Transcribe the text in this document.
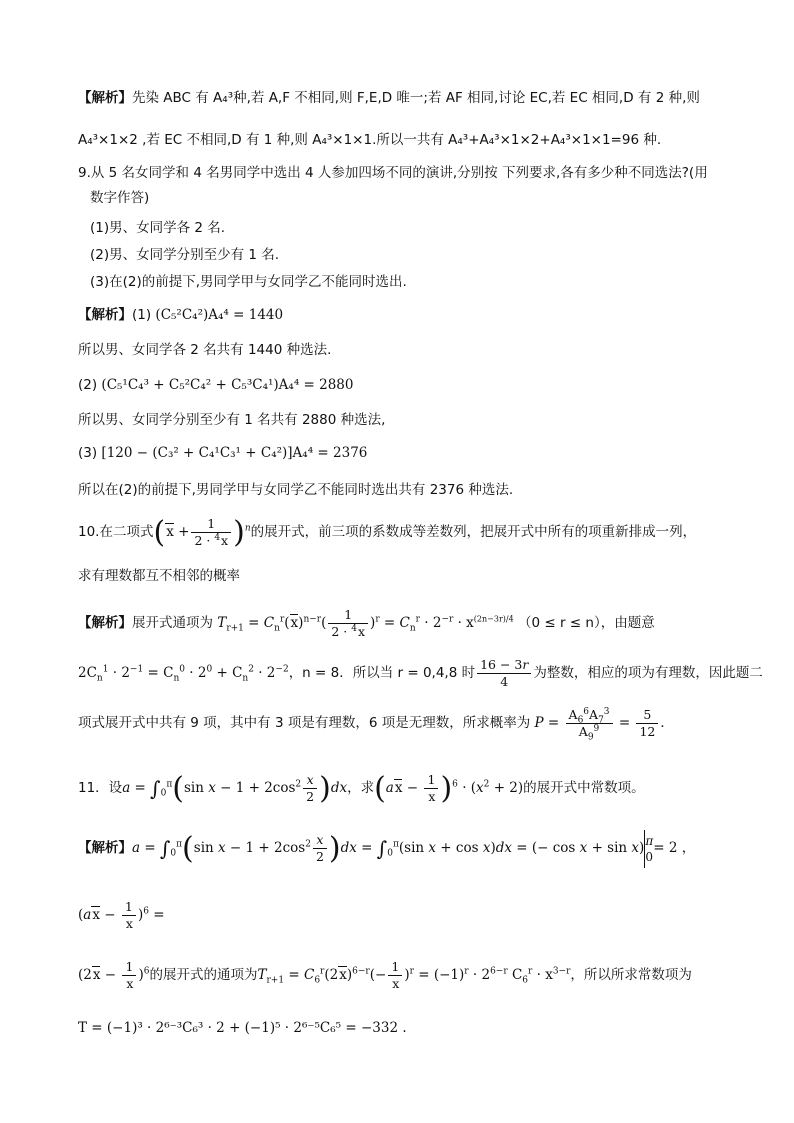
【解析】先染 ABC 有 A₄³种,若 A,F 不相同,则 F,E,D 唯一;若 AF 相同,讨论 EC,若 EC 相同,D 有 2 种,则
A₄³×1×2 ,若 EC 不相同,D 有 1 种,则 A₄³×1×1.所以一共有 A₄³+A₄³×1×2+A₄³×1×1=96 种.
9.从 5 名女同学和 4 名男同学中选出 4 人参加四场不同的演讲,分别按 下列要求,各有多少种不同选法?(用
数字作答)
(1)男、女同学各 2 名.
(2)男、女同学分别至少有 1 名.
(3)在(2)的前提下,男同学甲与女同学乙不能同时选出.
【解析】(1) (C₅²C₄²)A₄⁴ = 1440
所以男、女同学各 2 名共有 1440 种选法.
(2) (C₅¹C₄³ + C₅²C₄² + C₅³C₄¹)A₄⁴ = 2880
所以男、女同学分别至少有 1 名共有 2880 种选法,
(3) [120 − (C₃² + C₄¹C₃¹ + C₄²)]A₄⁴ = 2376
所以在(2)的前提下,男同学甲与女同学乙不能同时选出共有 2376 种选法.
10.在二项式$(x + \frac{1}{2 \cdot ^4x} )^n$的展开式，前三项的系数成等差数列，把展开式中所有的项重新排成一列，
求有理数都互不相邻的概率
【解析】展开式通项为 $T_{r+1} = C_n^r(x)^{n-r}( \frac{1}{2 \cdot ^4x} )^r = C_n^r \cdot 2^{-r} \cdot x^{(2n-3r)/4}$ （0 ≤ r ≤ n），由题意
$2C_n^1 \cdot 2^{-1} = C_n^0 \cdot 2^0 + C_n^2 \cdot 2^{-2}$，n = 8．所以当 r = 0,4,8 时 $\frac{16 - 3r}{4}$ 为整数，相应的项为有理数，因此题二
项式展开式中共有 9 项，其中有 3 项是有理数，6 项是无理数，所求概率为 $P = \frac{A_6^6A_7^3}{A_9^9} = \frac{5}{12}$ ．
11．设$a = \int_0^\pi(\sin$ $x - 1 + 2\cos^2 \frac{x}{2} )dx$，求$(ax - \frac{1}{x} )^6 \cdot (x^2 + 2)$的展开式中常数项。
【解析】$a = \int_0^\pi(\sin$ $x - 1 + 2\cos^2 \frac{x}{2} )dx = \int_0^\pi(\sin$ x + cos x)dx = (− cos x + sin x)π
0= 2 ，
$(ax - \frac{1}{x} )^6$ =
$(2x - \frac{1}{x} )^6$的展开式的通项为$T_{r+1} = C_6^r(2x)^{6-r}(- \frac{1}{x} )^r = (-1)^r \cdot 2^{6-r}$ $C_6^r \cdot x^{3-r}$，所以所求常数项为
T = (−1)³ · 2⁶⁻³C₆³ · 2 + (−1)⁵ · 2⁶⁻⁵C₆⁵ = −332 .
